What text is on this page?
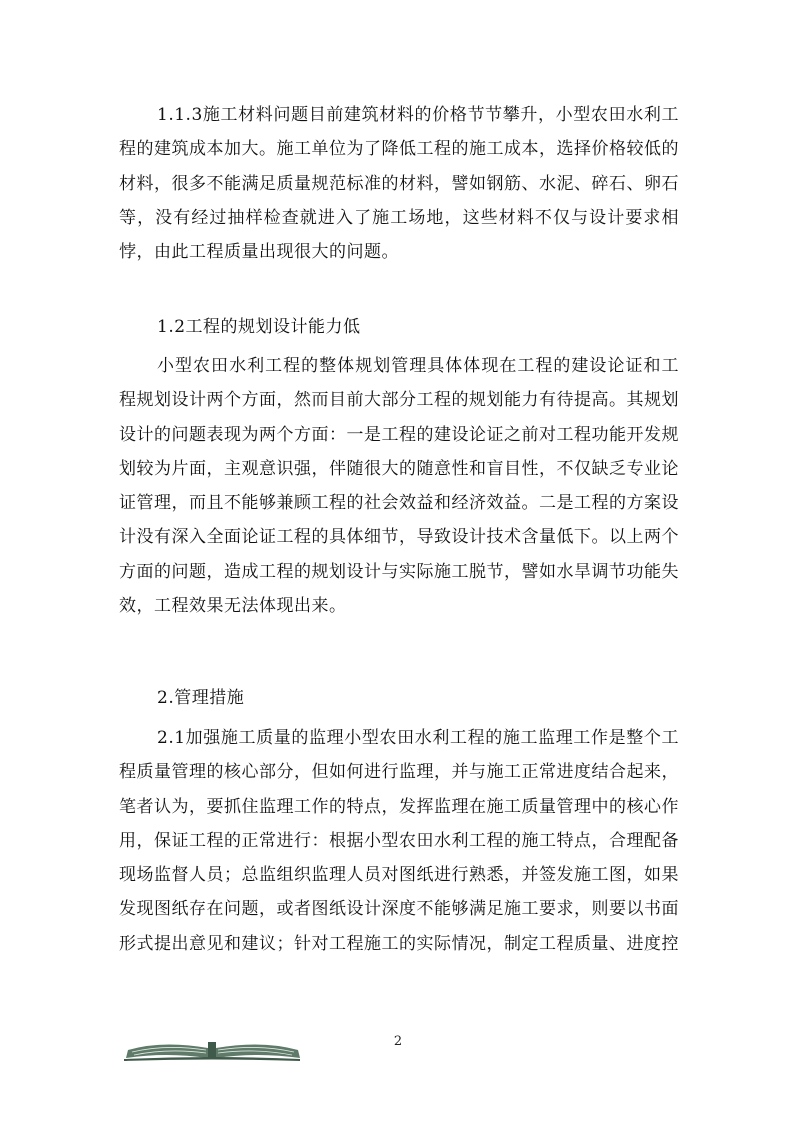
1.1.3施工材料问题目前建筑材料的价格节节攀升，小型农田水利工程的建筑成本加大。施工单位为了降低工程的施工成本，选择价格较低的材料，很多不能满足质量规范标准的材料，譬如钢筋、水泥、碎石、卵石等，没有经过抽样检查就进入了施工场地，这些材料不仅与设计要求相悖，由此工程质量出现很大的问题。

1.2工程的规划设计能力低

小型农田水利工程的整体规划管理具体体现在工程的建设论证和工程规划设计两个方面，然而目前大部分工程的规划能力有待提高。其规划设计的问题表现为两个方面：一是工程的建设论证之前对工程功能开发规划较为片面，主观意识强，伴随很大的随意性和盲目性，不仅缺乏专业论证管理，而且不能够兼顾工程的社会效益和经济效益。二是工程的方案设计没有深入全面论证工程的具体细节，导致设计技术含量低下。以上两个方面的问题，造成工程的规划设计与实际施工脱节，譬如水旱调节功能失效，工程效果无法体现出来。

2.管理措施

2.1加强施工质量的监理小型农田水利工程的施工监理工作是整个工程质量管理的核心部分，但如何进行监理，并与施工正常进度结合起来，笔者认为，要抓住监理工作的特点，发挥监理在施工质量管理中的核心作用，保证工程的正常进行：根据小型农田水利工程的施工特点，合理配备现场监督人员；总监组织监理人员对图纸进行熟悉，并签发施工图，如果发现图纸存在问题，或者图纸设计深度不能够满足施工要求，则要以书面形式提出意见和建议；针对工程施工的实际情况，制定工程质量、进度控

2
